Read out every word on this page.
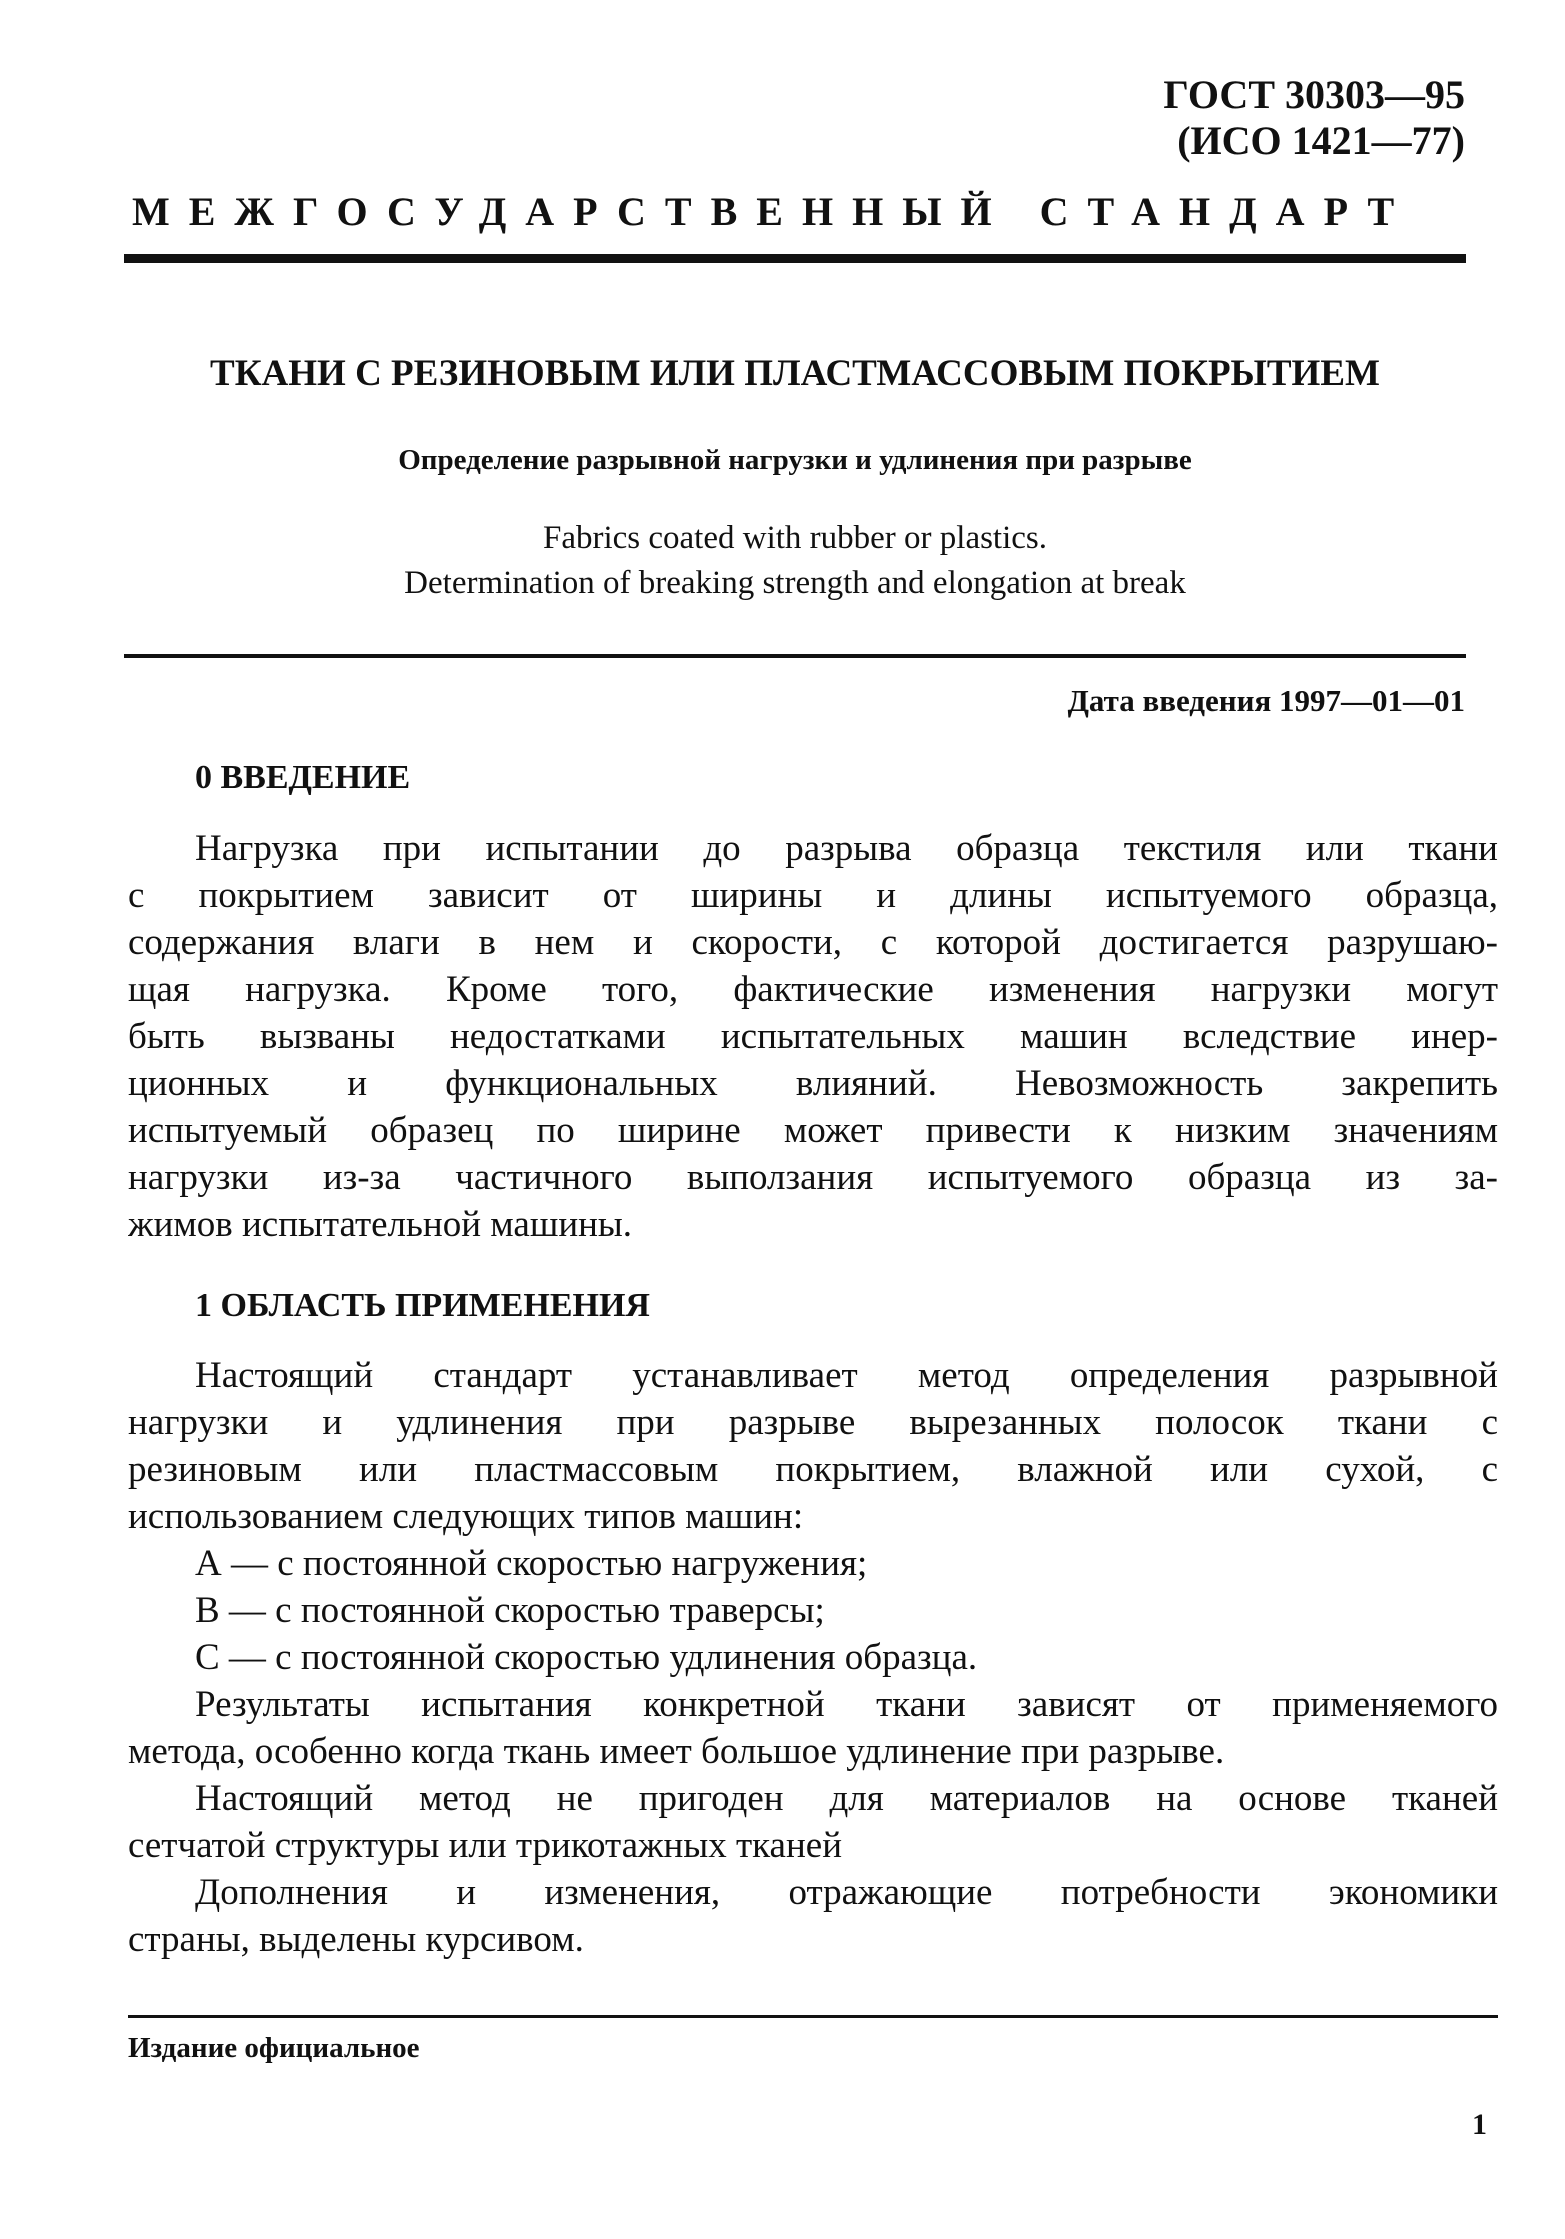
ГОСТ 30303—95
(ИСО 1421—77)
МЕЖГОСУДАРСТВЕННЫЙ СТАНДАРТ
ТКАНИ С РЕЗИНОВЫМ ИЛИ ПЛАСТМАССОВЫМ ПОКРЫТИЕМ
Определение разрывной нагрузки и удлинения при разрыве
Fabrics coated with rubber or plastics.
Determination of breaking strength and elongation at break
Дата введения 1997—01—01
0 ВВЕДЕНИЕ
Нагрузка при испытании до разрыва образца текстиля или ткани
с покрытием зависит от ширины и длины испытуемого образца,
содержания влаги в нем и скорости, с которой достигается разрушаю-
щая нагрузка. Кроме того, фактические изменения нагрузки могут
быть вызваны недостатками испытательных машин вследствие инер-
ционных и функциональных влияний. Невозможность закрепить
испытуемый образец по ширине может привести к низким значениям
нагрузки из-за частичного выползания испытуемого образца из за-
жимов испытательной машины.
1 ОБЛАСТЬ ПРИМЕНЕНИЯ
Настоящий стандарт устанавливает метод определения разрывной
нагрузки и удлинения при разрыве вырезанных полосок ткани с
резиновым или пластмассовым покрытием, влажной или сухой, с
использованием следующих типов машин:
А — с постоянной скоростью нагружения;
В — с постоянной скоростью траверсы;
С — с постоянной скоростью удлинения образца.
Результаты испытания конкретной ткани зависят от применяемого
метода, особенно когда ткань имеет большое удлинение при разрыве.
Настоящий метод не пригоден для материалов на основе тканей
сетчатой структуры или трикотажных тканей
Дополнения и изменения, отражающие потребности экономики
страны, выделены курсивом.
Издание официальное
1
